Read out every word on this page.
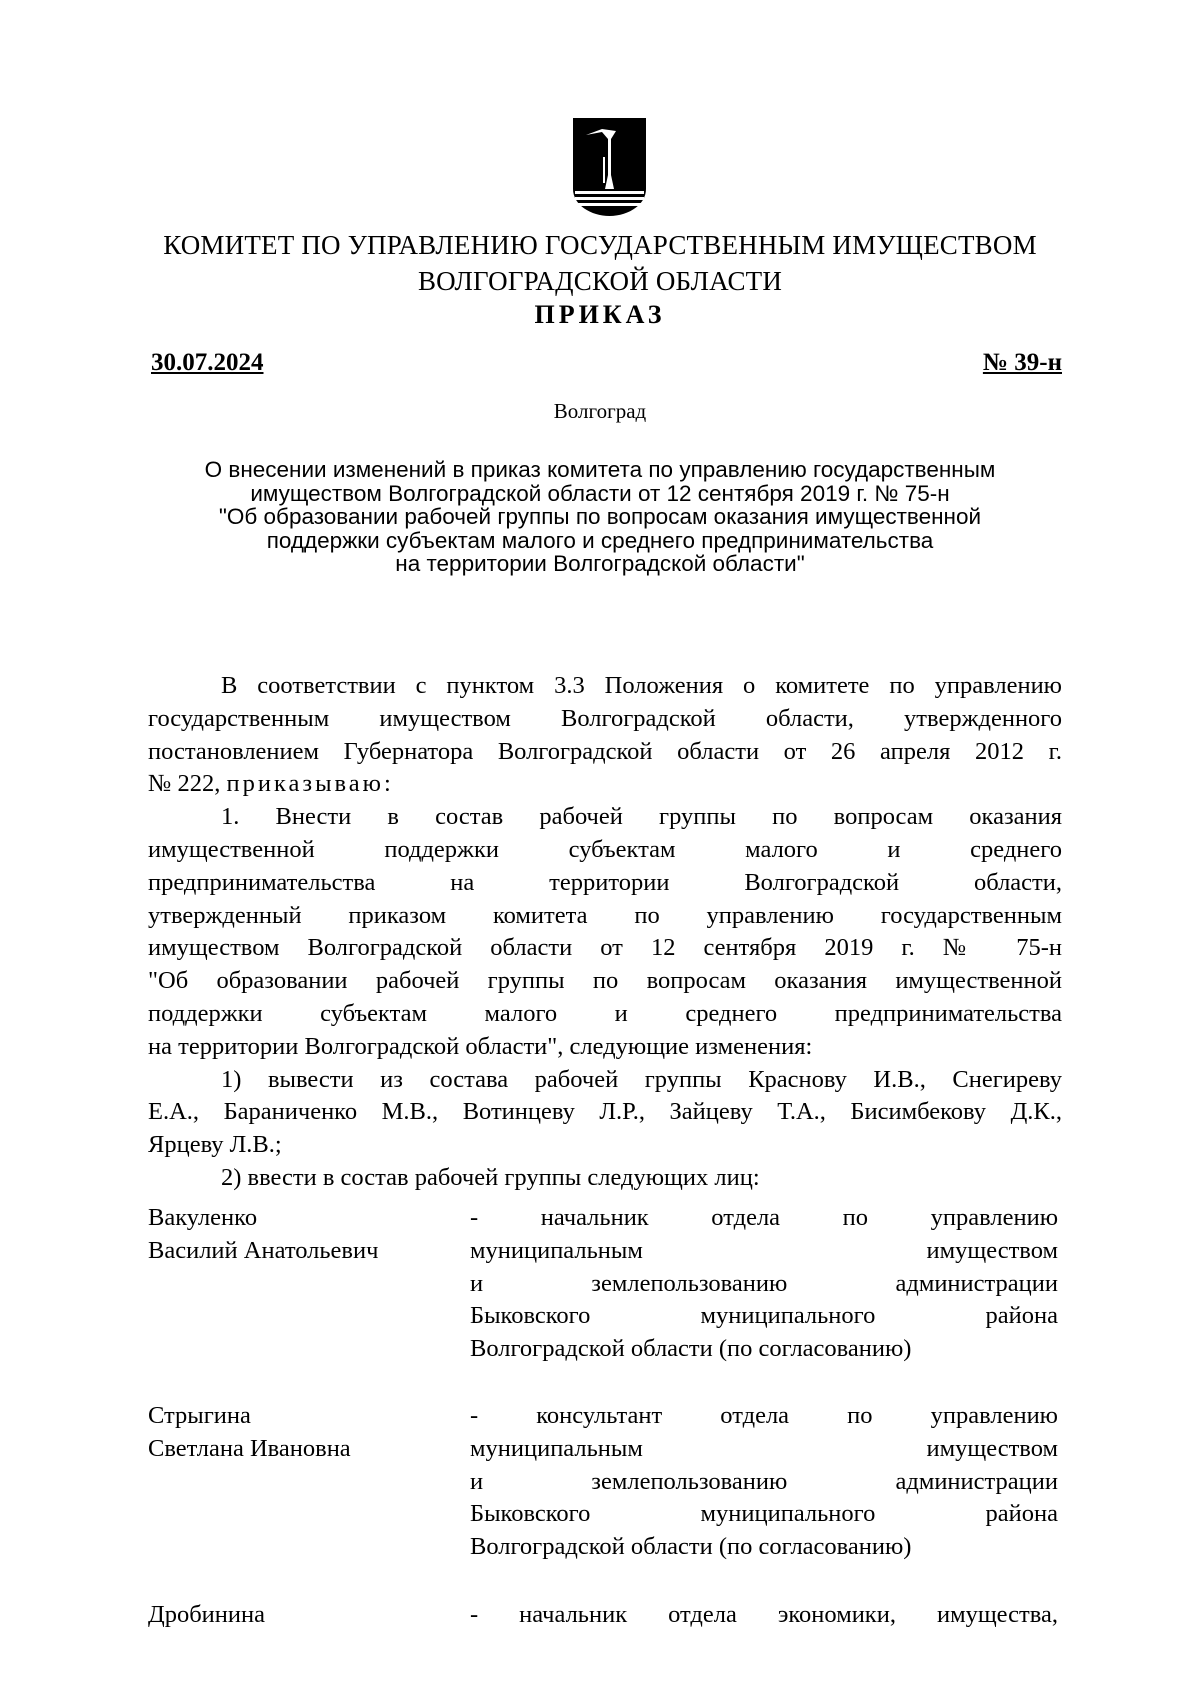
КОМИТЕТ ПО УПРАВЛЕНИЮ ГОСУДАРСТВЕННЫМ ИМУЩЕСТВОМ
ВОЛГОГРАДСКОЙ ОБЛАСТИ
ПРИКАЗ
30.07.2024	№ 39-н
Волгоград
О внесении изменений в приказ комитета по управлению государственным
имуществом Волгоградской области от 12 сентября 2019 г. № 75-н
"Об образовании рабочей группы по вопросам оказания имущественной
поддержки субъектам малого и среднего предпринимательства
на территории Волгоградской области"
В соответствии с пунктом 3.3 Положения о комитете по управлению
государственным имуществом Волгоградской области, утвержденного
постановлением Губернатора Волгоградской области от 26 апреля 2012 г.
№ 222, приказываю:
1. Внести в состав рабочей группы по вопросам оказания
имущественной поддержки субъектам малого и среднего
предпринимательства на территории Волгоградской области,
утвержденный приказом комитета по управлению государственным
имуществом Волгоградской области от 12 сентября 2019 г. № 75-н
"Об образовании рабочей группы по вопросам оказания имущественной
поддержки субъектам малого и среднего предпринимательства
на территории Волгоградской области", следующие изменения:
1) вывести из состава рабочей группы Краснову И.В., Снегиреву
Е.А., Бараниченко М.В., Вотинцеву Л.Р., Зайцеву Т.А., Бисимбекову Д.К.,
Ярцеву Л.В.;
2) ввести в состав рабочей группы следующих лиц:
Вакуленко
Василий Анатольевич
- начальник отдела по управлению
муниципальным имуществом
и землепользованию администрации
Быковского муниципального района
Волгоградской области (по согласованию)
Стрыгина
Светлана Ивановна
- консультант отдела по управлению
муниципальным имуществом
и землепользованию администрации
Быковского муниципального района
Волгоградской области (по согласованию)
Дробинина	- начальник отдела экономики, имущества,
